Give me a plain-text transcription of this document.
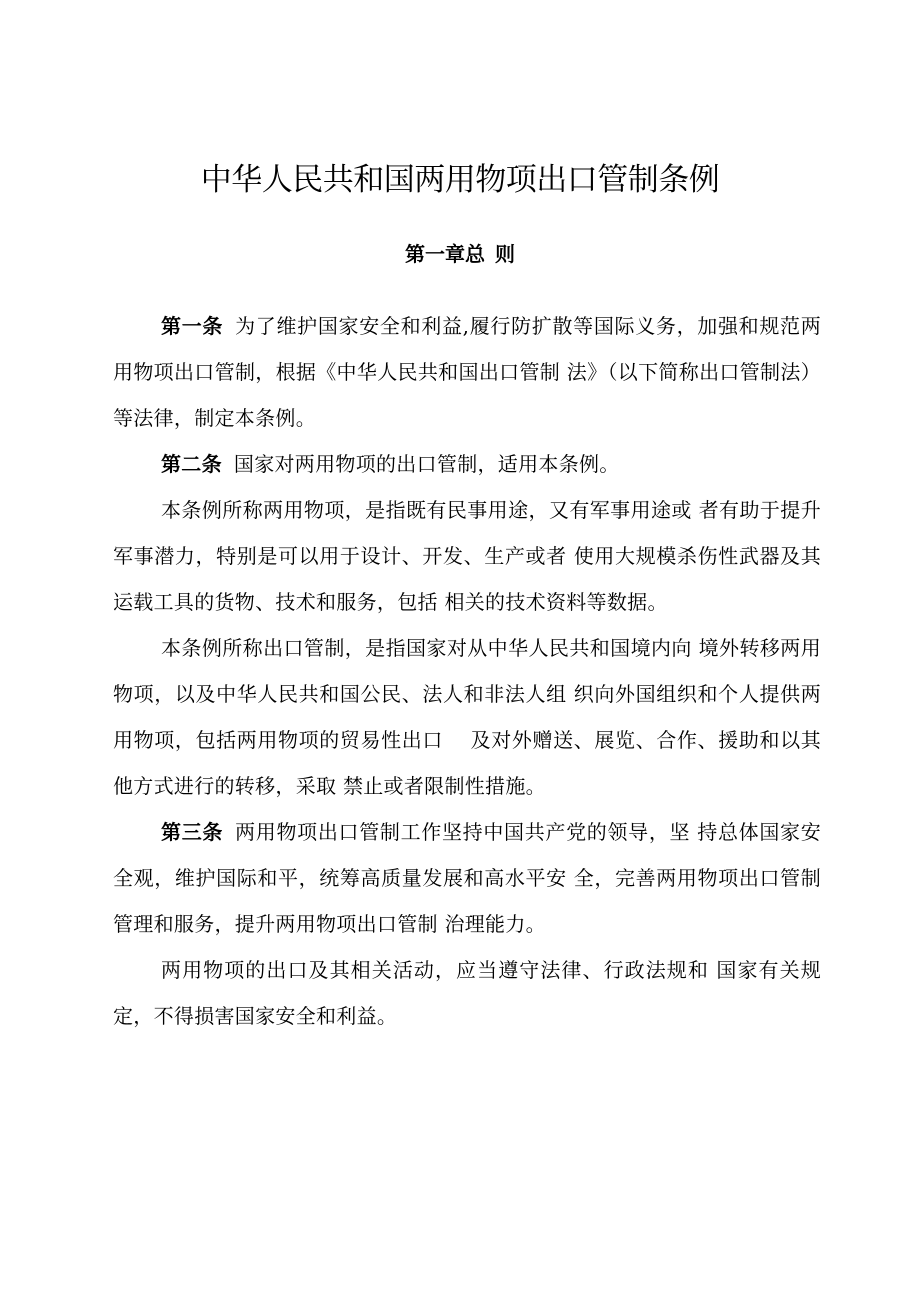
中华人民共和国两用物项出口管制条例
第一章总 则

第一条 为了维护国家安全和利益,履行防扩散等国际义务，加强和规范两用物项出口管制，根据《中华人民共和国出口管制 法》（以下简称出口管制法）等法律，制定本条例。

第二条 国家对两用物项的出口管制，适用本条例。

本条例所称两用物项，是指既有民事用途，又有军事用途或 者有助于提升军事潜力，特别是可以用于设计、开发、生产或者 使用大规模杀伤性武器及其运载工具的货物、技术和服务，包括 相关的技术资料等数据。

本条例所称出口管制，是指国家对从中华人民共和国境内向 境外转移两用物项，以及中华人民共和国公民、法人和非法人组 织向外国组织和个人提供两用物项，包括两用物项的贸易性出口　 及对外赠送、展览、合作、援助和以其他方式进行的转移，采取 禁止或者限制性措施。

第三条 两用物项出口管制工作坚持中国共产党的领导，坚 持总体国家安全观，维护国际和平，统筹高质量发展和高水平安 全，完善两用物项出口管制管理和服务，提升两用物项出口管制 治理能力。

两用物项的出口及其相关活动，应当遵守法律、行政法规和 国家有关规定，不得损害国家安全和利益。
